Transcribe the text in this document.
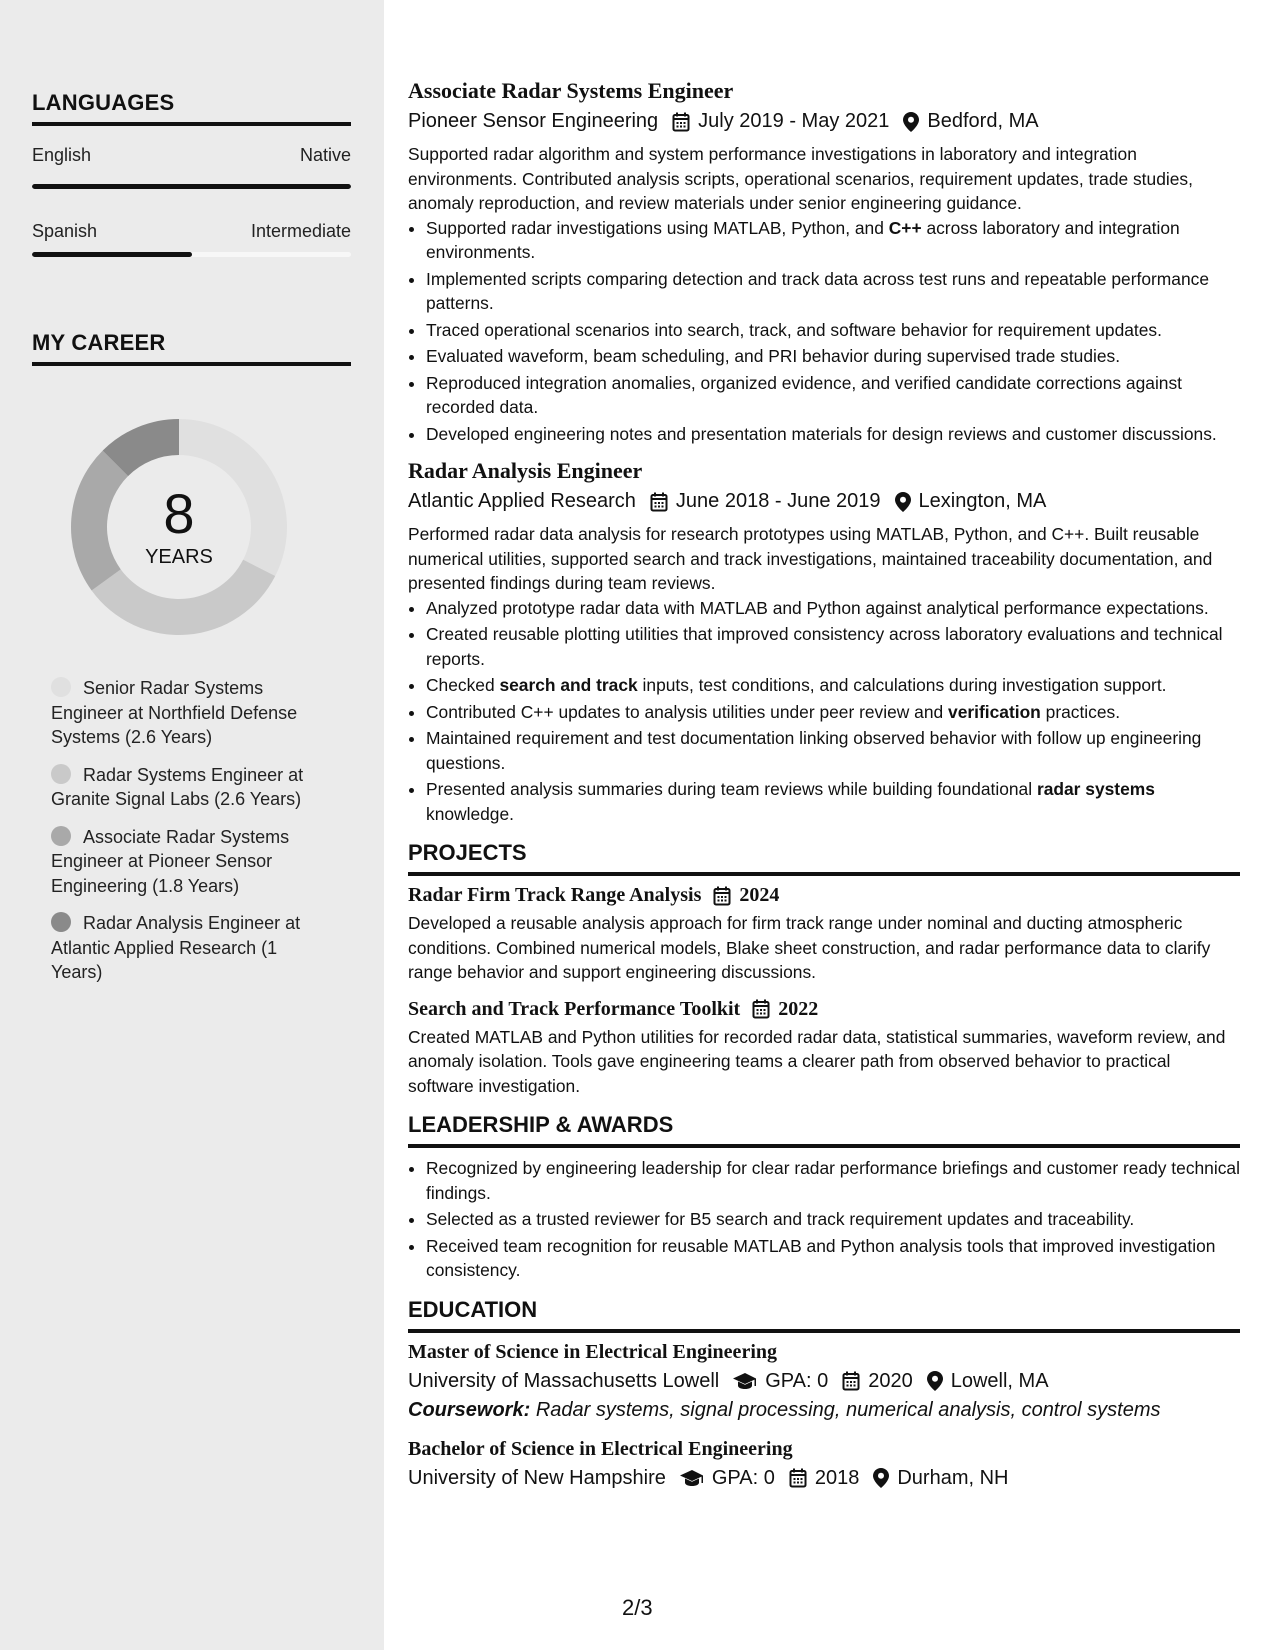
LANGUAGES
English	Native
Spanish	Intermediate
MY CAREER
8
YEARS
Senior Radar Systems Engineer at Northfield Defense Systems (2.6 Years)
Radar Systems Engineer at Granite Signal Labs (2.6 Years)
Associate Radar Systems Engineer at Pioneer Sensor Engineering (1.8 Years)
Radar Analysis Engineer at Atlantic Applied Research (1 Years)
Associate Radar Systems Engineer
Pioneer Sensor Engineering July 2019 - May 2021 Bedford, MA
Supported radar algorithm and system performance investigations in laboratory and integration environments. Contributed analysis scripts, operational scenarios, requirement updates, trade studies, anomaly reproduction, and review materials under senior engineering guidance.
• Supported radar investigations using MATLAB, Python, and C++ across laboratory and integration environments.
• Implemented scripts comparing detection and track data across test runs and repeatable performance patterns.
• Traced operational scenarios into search, track, and software behavior for requirement updates.
• Evaluated waveform, beam scheduling, and PRI behavior during supervised trade studies.
• Reproduced integration anomalies, organized evidence, and verified candidate corrections against recorded data.
• Developed engineering notes and presentation materials for design reviews and customer discussions.
Radar Analysis Engineer
Atlantic Applied Research June 2018 - June 2019 Lexington, MA
Performed radar data analysis for research prototypes using MATLAB, Python, and C++. Built reusable numerical utilities, supported search and track investigations, maintained traceability documentation, and presented findings during team reviews.
• Analyzed prototype radar data with MATLAB and Python against analytical performance expectations.
• Created reusable plotting utilities that improved consistency across laboratory evaluations and technical reports.
• Checked search and track inputs, test conditions, and calculations during investigation support.
• Contributed C++ updates to analysis utilities under peer review and verification practices.
• Maintained requirement and test documentation linking observed behavior with follow up engineering questions.
• Presented analysis summaries during team reviews while building foundational radar systems knowledge.
PROJECTS
Radar Firm Track Range Analysis 2024
Developed a reusable analysis approach for firm track range under nominal and ducting atmospheric conditions. Combined numerical models, Blake sheet construction, and radar performance data to clarify range behavior and support engineering discussions.
Search and Track Performance Toolkit 2022
Created MATLAB and Python utilities for recorded radar data, statistical summaries, waveform review, and anomaly isolation. Tools gave engineering teams a clearer path from observed behavior to practical software investigation.
LEADERSHIP & AWARDS
• Recognized by engineering leadership for clear radar performance briefings and customer ready technical findings.
• Selected as a trusted reviewer for B5 search and track requirement updates and traceability.
• Received team recognition for reusable MATLAB and Python analysis tools that improved investigation consistency.
EDUCATION
Master of Science in Electrical Engineering
University of Massachusetts Lowell GPA: 0 2020 Lowell, MA
Coursework: Radar systems, signal processing, numerical analysis, control systems
Bachelor of Science in Electrical Engineering
University of New Hampshire GPA: 0 2018 Durham, NH
2/3
